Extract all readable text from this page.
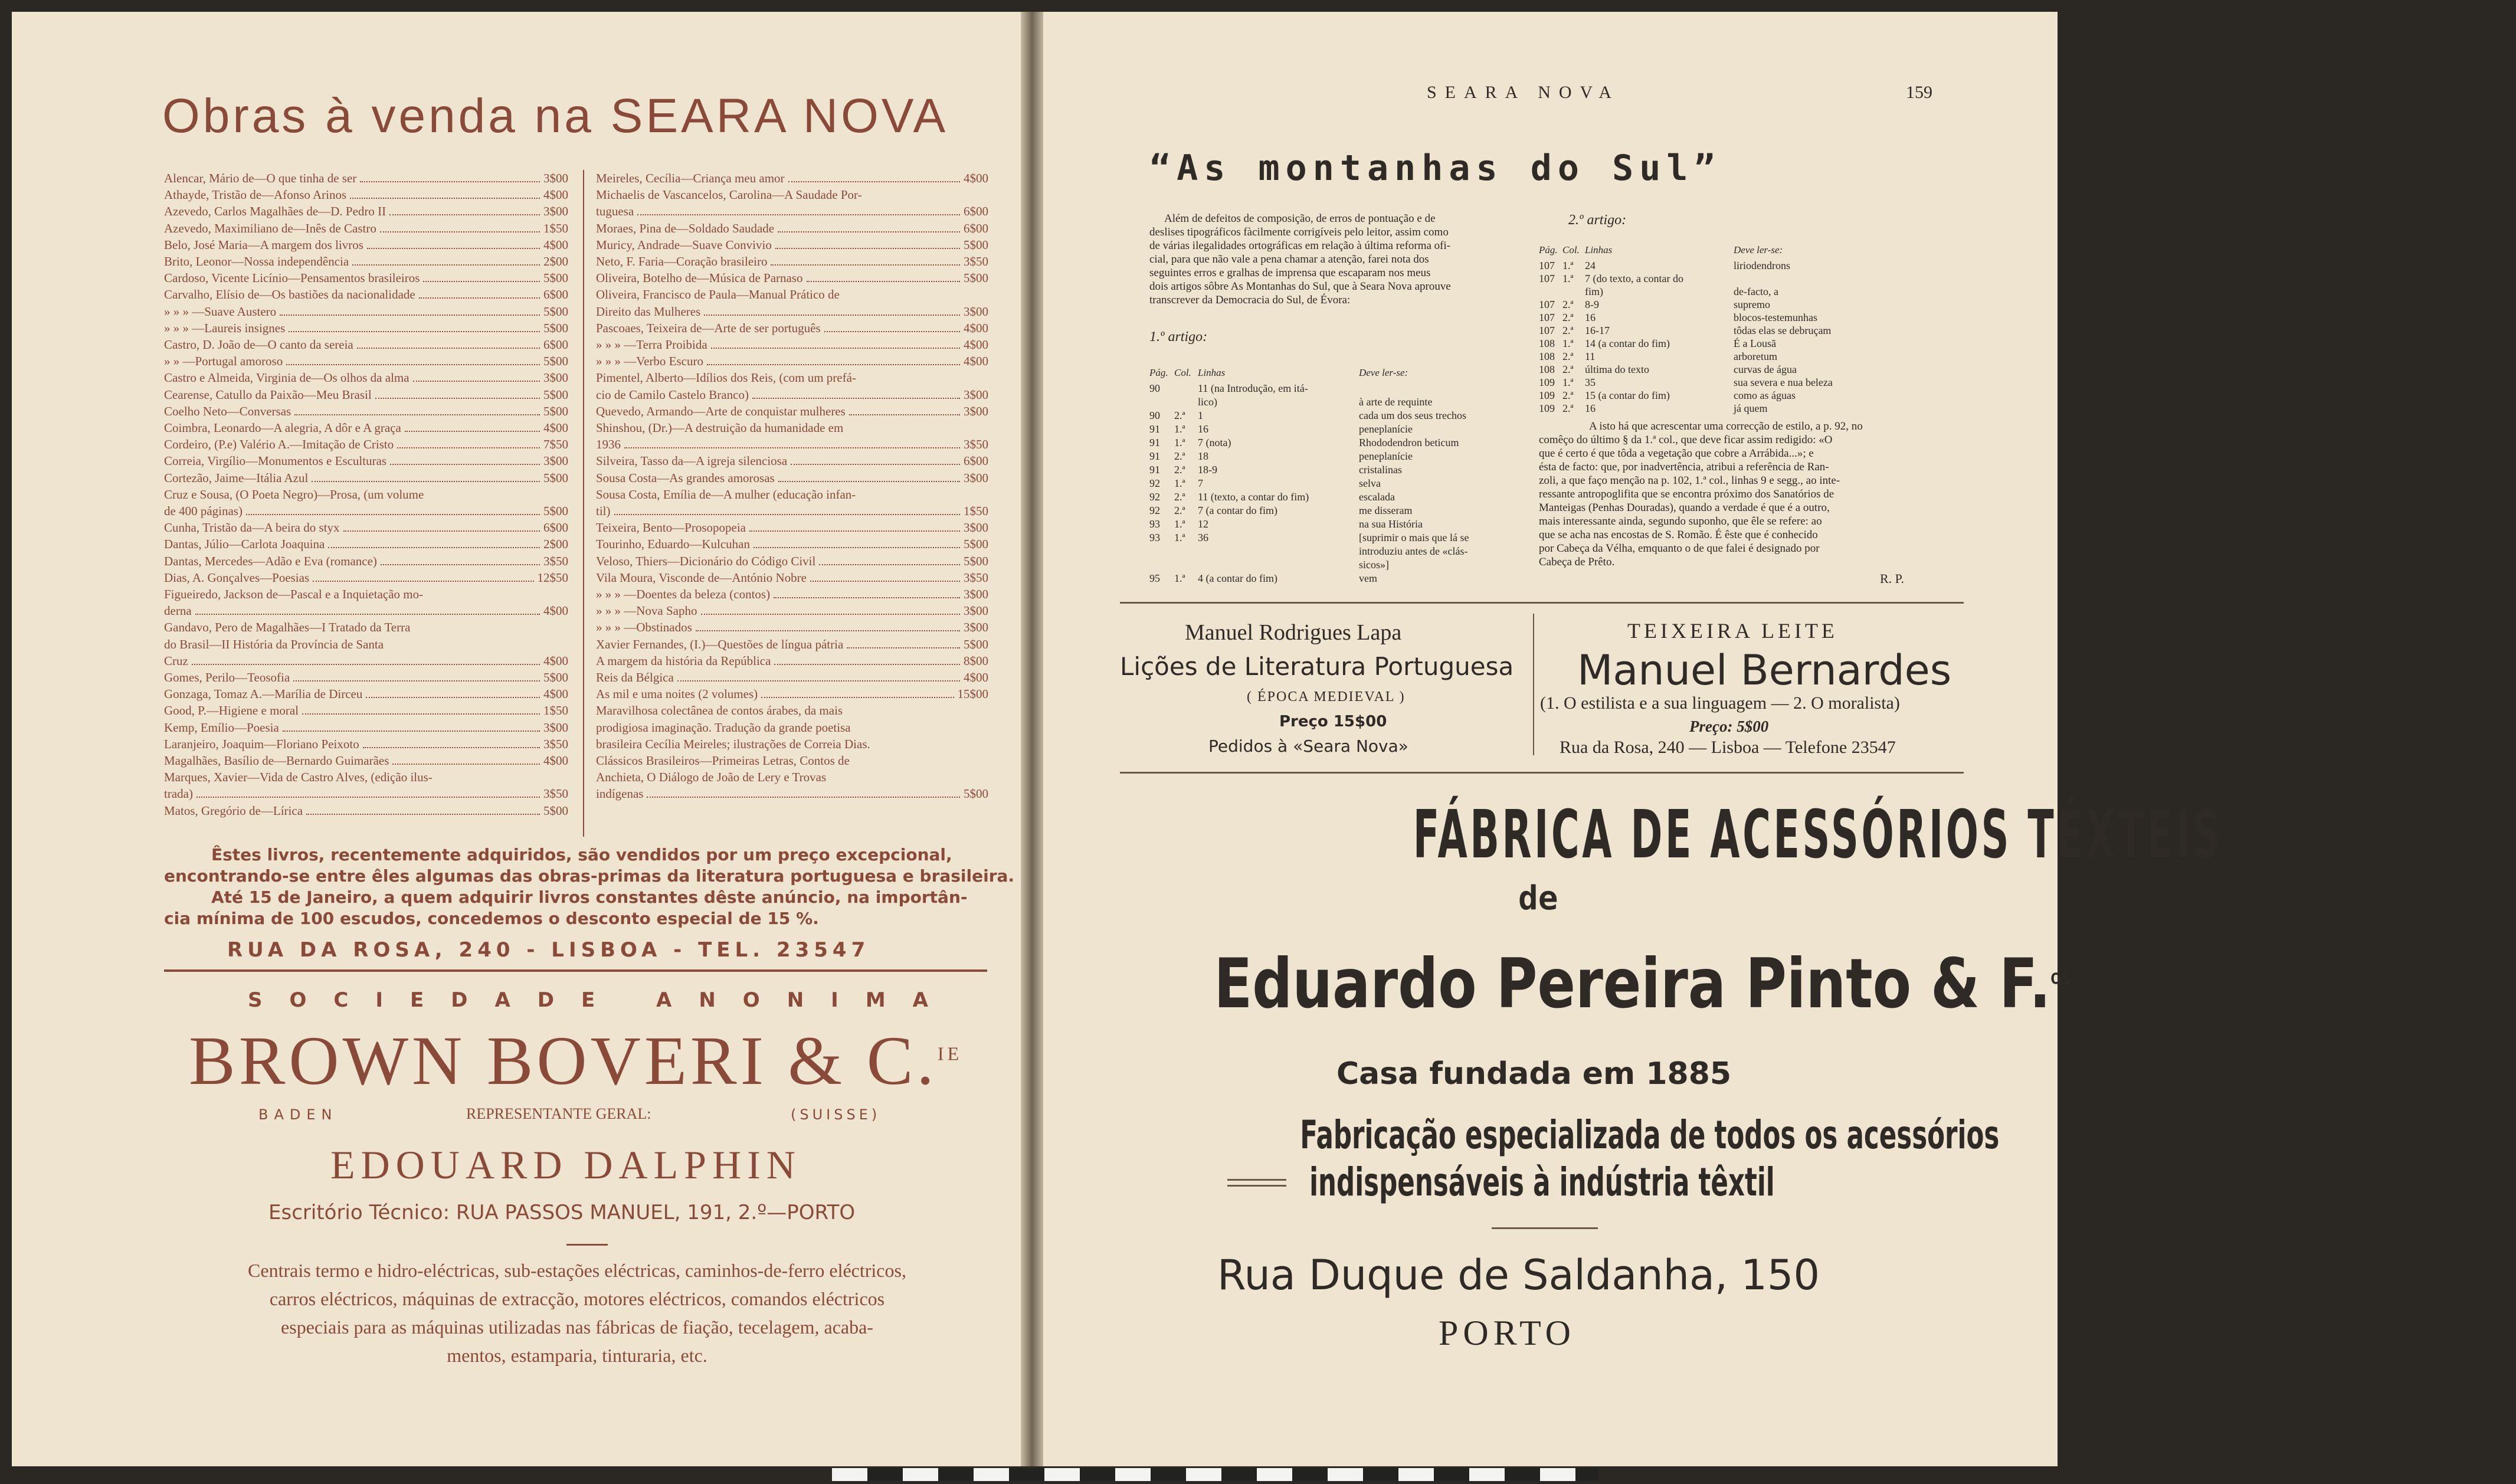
Obras à venda na SEARA NOVA
Alencar, Mário de—O que tinha de ser	3$00
Athayde, Tristão de—Afonso Arinos	4$00
Azevedo, Carlos Magalhães de—D. Pedro II	3$00
Azevedo, Maximiliano de—Inês de Castro	1$50
Belo, José Maria—A margem dos livros	4$00
Brito, Leonor—Nossa independência	2$00
Cardoso, Vicente Licínio—Pensamentos brasileiros	5$00
Carvalho, Elísio de—Os bastiões da nacionalidade	6$00
» » » —Suave Austero	5$00
» » » —Laureis insignes	5$00
Castro, D. João de—O canto da sereia	6$00
» » —Portugal amoroso	5$00
Castro e Almeida, Virginia de—Os olhos da alma	3$00
Cearense, Catullo da Paixão—Meu Brasil	5$00
Coelho Neto—Conversas	5$00
Coimbra, Leonardo—A alegria, A dôr e A graça	4$00
Cordeiro, (P.e) Valério A.—Imitação de Cristo	7$50
Correia, Virgílio—Monumentos e Esculturas	3$00
Cortezão, Jaime—Itália Azul	5$00
Cruz e Sousa, (O Poeta Negro)—Prosa, (um volume
de 400 páginas)	5$00
Cunha, Tristão da—A beira do styx	6$00
Dantas, Júlio—Carlota Joaquina	2$00
Dantas, Mercedes—Adão e Eva (romance)	3$50
Dias, A. Gonçalves—Poesias	12$50
Figueiredo, Jackson de—Pascal e a Inquietação mo-
derna	4$00
Gandavo, Pero de Magalhães—I Tratado da Terra
do Brasil—II História da Província de Santa
Cruz	4$00
Gomes, Perilo—Teosofia	5$00
Gonzaga, Tomaz A.—Marília de Dirceu	4$00
Good, P.—Higiene e moral	1$50
Kemp, Emílio—Poesia	3$00
Laranjeiro, Joaquim—Floriano Peixoto	3$50
Magalhães, Basílio de—Bernardo Guimarães	4$00
Marques, Xavier—Vida de Castro Alves, (edição ilus-
trada)	3$50
Matos, Gregório de—Lírica	5$00
Meireles, Cecília—Criança meu amor	4$00
Michaelis de Vascancelos, Carolina—A Saudade Por-
tuguesa	6$00
Moraes, Pina de—Soldado Saudade	6$00
Muricy, Andrade—Suave Convivio	5$00
Neto, F. Faria—Coração brasileiro	3$50
Oliveira, Botelho de—Música de Parnaso	5$00
Oliveira, Francisco de Paula—Manual Prático de
Direito das Mulheres	3$00
Pascoaes, Teixeira de—Arte de ser português	4$00
» » » —Terra Proibida	4$00
» » » —Verbo Escuro	4$00
Pimentel, Alberto—Idílios dos Reis, (com um prefá-
cio de Camilo Castelo Branco)	3$00
Quevedo, Armando—Arte de conquistar mulheres	3$00
Shinshou, (Dr.)—A destruição da humanidade em
1936	3$50
Silveira, Tasso da—A igreja silenciosa	6$00
Sousa Costa—As grandes amorosas	3$00
Sousa Costa, Emília de—A mulher (educação infan-
til)	1$50
Teixeira, Bento—Prosopopeia	3$00
Tourinho, Eduardo—Kulcuhan	5$00
Veloso, Thiers—Dicionário do Código Civil	5$00
Vila Moura, Visconde de—António Nobre	3$50
» » » —Doentes da beleza (contos)	3$00
» » » —Nova Sapho	3$00
» » » —Obstinados	3$00
Xavier Fernandes, (I.)—Questões de língua pátria	5$00
A margem da história da República	8$00
Reis da Bélgica	4$00
As mil e uma noites (2 volumes)	15$00
Maravilhosa colectânea de contos árabes, da mais
prodigiosa imaginação. Tradução da grande poetisa
brasileira Cecília Meireles; ilustrações de Correia Dias.
Clássicos Brasileiros—Primeiras Letras, Contos de
Anchieta, O Diálogo de João de Lery e Trovas
indígenas	5$00
Êstes livros, recentemente adquiridos, são vendidos por um preço excepcional,
encontrando-se entre êles algumas das obras-primas da literatura portuguesa e brasileira.
Até 15 de Janeiro, a quem adquirir livros constantes dêste anúncio, na importân-
cia mínima de 100 escudos, concedemos o desconto especial de 15 %.
RUA DA ROSA, 240 - LISBOA - TEL. 23547
SOCIEDADE ANONIMA
BROWN BOVERI & C.$^{IE}$
BADEN	REPRESENTANTE GERAL:	(SUISSE)
EDOUARD DALPHIN
Escritório Técnico: RUA PASSOS MANUEL, 191, 2.º—PORTO
Centrais termo e hidro-eléctricas, sub-estações eléctricas, caminhos-de-ferro eléctricos,
carros eléctricos, máquinas de extracção, motores eléctricos, comandos eléctricos
especiais para as máquinas utilizadas nas fábricas de fiação, tecelagem, acaba-
mentos, estamparia, tinturaria, etc.
SEARA NOVA	159
“As montanhas do Sul”
Além de defeitos de composição, de erros de pontuação e de
deslises tipográficos fàcilmente corrigíveis pelo leitor, assim como
de várias ilegalidades ortográficas em relação à última reforma ofi-
cial, para que não vale a pena chamar a atenção, farei nota dos
seguintes erros e gralhas de imprensa que escaparam nos meus
dois artigos sôbre As Montanhas do Sul, que à Seara Nova aprouve
transcrever da Democracia do Sul, de Évora:
1.º artigo:
Pág. Col. Linhas	Deve ler-se:
90	11 (na Introdução, em itá-
lico)	à arte de requinte
90 2.ª 1	cada um dos seus trechos
91 1.ª 16	peneplanície
91 1.ª 7 (nota)	Rhododendron beticum
91 2.ª 18	peneplanície
91 2.ª 18-9	cristalinas
92 1.ª 7	selva
92 2.ª 11 (texto, a contar do fim)	escalada
92 2.ª 7 (a contar do fim)	me disseram
93 1.ª 12	na sua História
93 1.ª 36	[suprimir o mais que lá se
introduziu antes de «clás-
sicos»]
95 1.ª 4 (a contar do fim)	vem
2.º artigo:
Pág. Col. Linhas	Deve ler-se:
107 1.ª 24	liriodendrons
107 1.ª 7 (do texto, a contar do
fim)	de-facto, a
107 2.ª 8-9	supremo
107 2.ª 16	blocos-testemunhas
107 2.ª 16-17	tôdas elas se debruçam
108 1.ª 14 (a contar do fim)	É a Lousã
108 2.ª 11	arboretum
108 2.ª última do texto	curvas de água
109 1.ª 35	sua severa e nua beleza
109 2.ª 15 (a contar do fim)	como as águas
109 2.ª 16	já quem
A isto há que acrescentar uma correcção de estilo, a p. 92, no
comêço do último § da 1.ª col., que deve ficar assim redigido: «O
que é certo é que tôda a vegetação que cobre a Arrábida...»; e
ésta de facto: que, por inadvertência, atribui a referência de Ran-
zoli, a que faço menção na p. 102, 1.ª col., linhas 9 e segg., ao inte-
ressante antropoglifita que se encontra próximo dos Sanatórios de
Manteigas (Penhas Douradas), quando a verdade é que é a outro,
mais interessante ainda, segundo suponho, que êle se refere: ao
que se acha nas encostas de S. Romão. É êste que é conhecido
por Cabeça da Vélha, emquanto o de que falei é designado por
Cabeça de Prêto.
R. P.
Manuel Rodrigues Lapa
Lições de Literatura Portuguesa
( ÉPOCA MEDIEVAL )
Preço 15$00
Pedidos à «Seara Nova»
TEIXEIRA LEITE
Manuel Bernardes
(1. O estilista e a sua linguagem — 2. O moralista)
Preço: 5$00
Rua da Rosa, 240 — Lisboa — Telefone 23547
FÁBRICA DE ACESSÓRIOS TÉXTEIS
de
Eduardo Pereira Pinto & F.$^{OS}$
Casa fundada em 1885
Fabricação especializada de todos os acessórios
indispensáveis à indústria têxtil
Rua Duque de Saldanha, 150
PORTO
